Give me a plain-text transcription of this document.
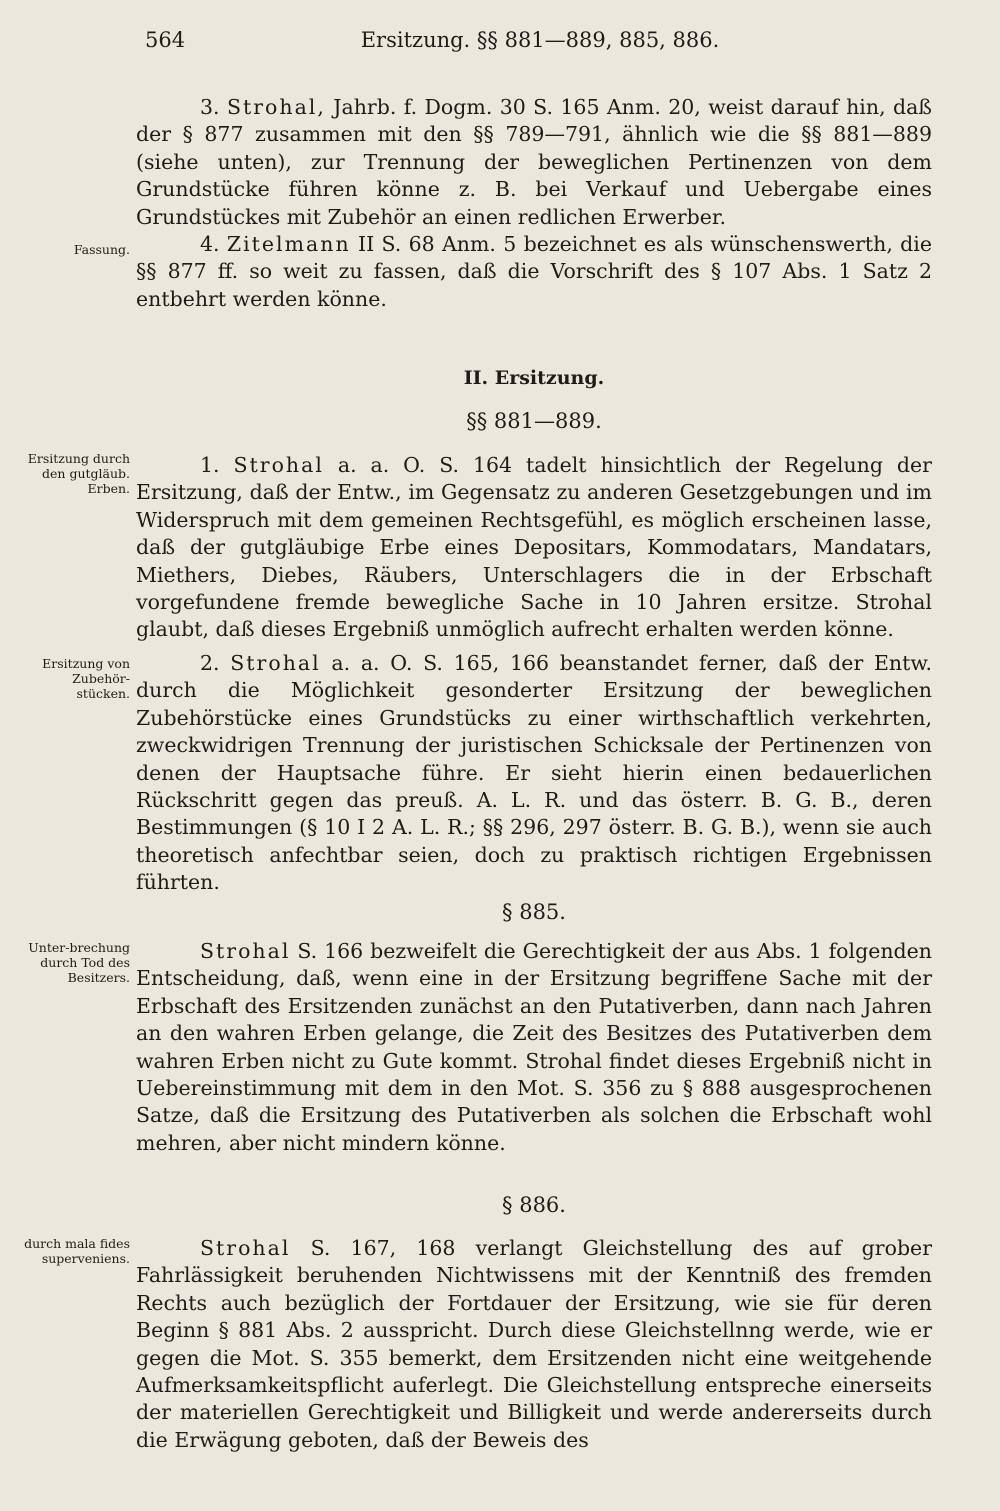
564	Ersitzung. §§ 881—889, 885, 886.

3. Strohal, Jahrb. f. Dogm. 30 S. 165 Anm. 20, weist darauf hin, daß der § 877 zusammen mit den §§ 789—791, ähnlich wie die §§ 881—889 (siehe unten), zur Trennung der beweglichen Pertinenzen von dem Grundstücke führen könne z. B. bei Verkauf und Uebergabe eines Grundstückes mit Zubehör an einen redlichen Erwerber.

Fassung.	4. Zitelmann II S. 68 Anm. 5 bezeichnet es als wünschenswerth, die §§ 877 ff. so weit zu fassen, daß die Vorschrift des § 107 Abs. 1 Satz 2 entbehrt werden könne.

II. Ersitzung.
§§ 881—889.
Ersitzung durch den gutgläub. Erben.

1. Strohal a. a. O. S. 164 tadelt hinsichtlich der Regelung der Ersitzung, daß der Entw., im Gegensatz zu anderen Gesetzgebungen und im Widerspruch mit dem gemeinen Rechtsgefühl, es möglich erscheinen lasse, daß der gutgläubige Erbe eines Depositars, Kommodatars, Mandatars, Miethers, Diebes, Räubers, Unterschlagers die in der Erbschaft vorgefundene fremde bewegliche Sache in 10 Jahren ersitze. Strohal glaubt, daß dieses Ergebniß unmöglich aufrecht erhalten werden könne.

Ersitzung von Zubehör-stücken.

2. Strohal a. a. O. S. 165, 166 beanstandet ferner, daß der Entw. durch die Möglichkeit gesonderter Ersitzung der beweglichen Zubehörstücke eines Grundstücks zu einer wirthschaftlich verkehrten, zweckwidrigen Trennung der juristischen Schicksale der Pertinenzen von denen der Hauptsache führe. Er sieht hierin einen bedauerlichen Rückschritt gegen das preuß. A. L. R. und das österr. B. G. B., deren Bestimmungen (§ 10 I 2 A. L. R.; §§ 296, 297 österr. B. G. B.), wenn sie auch theoretisch anfechtbar seien, doch zu praktisch richtigen Ergebnissen führten.

§ 885.
Unter-brechung durch Tod des Besitzers.

Strohal S. 166 bezweifelt die Gerechtigkeit der aus Abs. 1 folgenden Entscheidung, daß, wenn eine in der Ersitzung begriffene Sache mit der Erbschaft des Ersitzenden zunächst an den Putativerben, dann nach Jahren an den wahren Erben gelange, die Zeit des Besitzes des Putativerben dem wahren Erben nicht zu Gute kommt. Strohal findet dieses Ergebniß nicht in Uebereinstimmung mit dem in den Mot. S. 356 zu § 888 ausgesprochenen Satze, daß die Ersitzung des Putativerben als solchen die Erbschaft wohl mehren, aber nicht mindern könne.

§ 886.
durch mala fides superveniens.	Strohal S. 167, 168 verlangt Gleichstellung des auf grober Fahrlässigkeit beruhenden Nichtwissens mit der Kenntniß des fremden Rechts auch bezüglich der Fortdauer der Ersitzung, wie sie für deren Beginn § 881 Abs. 2 ausspricht. Durch diese Gleichstellnng werde, wie er gegen die Mot. S. 355 bemerkt, dem Ersitzenden nicht eine weitgehende Aufmerksamkeitspflicht auferlegt. Die Gleichstellung entspreche einerseits der materiellen Gerechtigkeit und Billigkeit und werde andererseits durch die Erwägung geboten, daß der Beweis des
